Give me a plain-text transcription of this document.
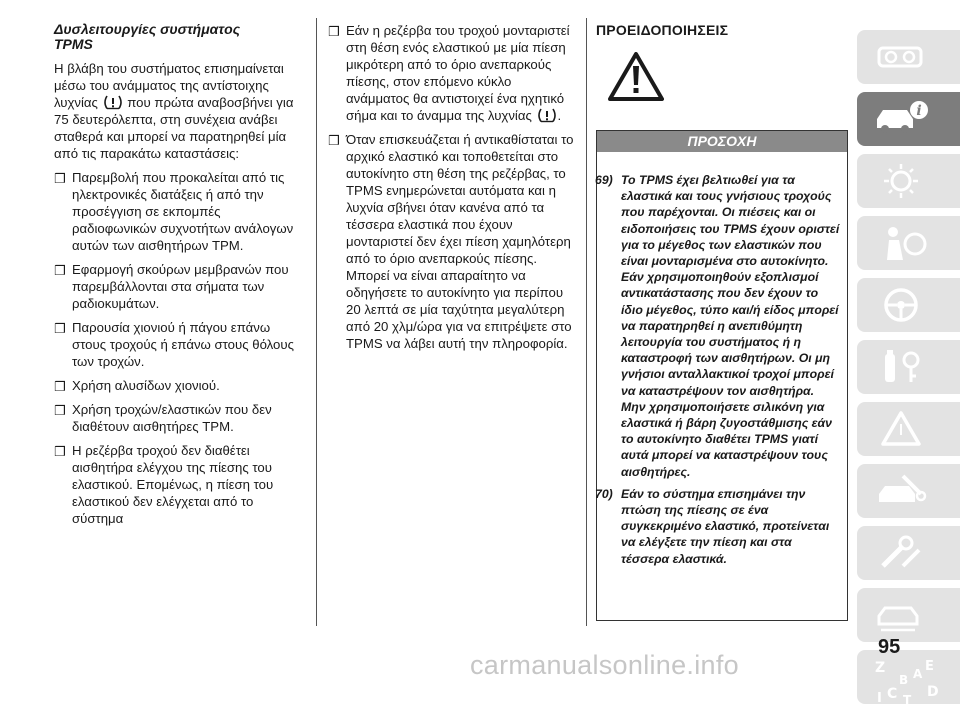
Δυσλειτουργίες συστήματος
TPMS
Η βλάβη του συστήματος επισημαίνεται μέσω του ανάμματος της αντίστοιχης λυχνίας που πρώτα αναβοσβήνει για 75 δευτερόλεπτα, στη συνέχεια ανάβει σταθερά και μπορεί να παρατηρηθεί μία από τις παρακάτω καταστάσεις:
❒ Παρεμβολή που προκαλείται από τις ηλεκτρονικές διατάξεις ή από την προσέγγιση σε εκπομπές ραδιοφωνικών συχνοτήτων ανάλογων αυτών των αισθητήρων TPM.
❒ Εφαρμογή σκούρων μεμβρανών που παρεμβάλλονται στα σήματα των ραδιοκυμάτων.
❒ Παρουσία χιονιού ή πάγου επάνω στους τροχούς ή επάνω στους θόλους των τροχών.
❒ Χρήση αλυσίδων χιονιού.
❒ Χρήση τροχών/ελαστικών που δεν διαθέτουν αισθητήρες TPM.
❒ Η ρεζέρβα τροχού δεν διαθέτει αισθητήρα ελέγχου της πίεσης του ελαστικού. Επομένως, η πίεση του ελαστικού δεν ελέγχεται από το σύστημα
❒ Εάν η ρεζέρβα του τροχού μονταριστεί στη θέση ενός ελαστικού με μία πίεση μικρότερη από το όριο ανεπαρκούς πίεσης, στον επόμενο κύκλο ανάμματος θα αντιστοιχεί ένα ηχητικό σήμα και το άναμμα της λυχνίας .
❒ Όταν επισκευάζεται ή αντικαθίσταται το αρχικό ελαστικό και τοποθετείται στο αυτοκίνητο στη θέση της ρεζέρβας, το TPMS ενημερώνεται αυτόματα και η λυχνία σβήνει όταν κανένα από τα τέσσερα ελαστικά που έχουν μονταριστεί δεν έχει πίεση χαμηλότερη από το όριο ανεπαρκούς πίεσης. Μπορεί να είναι απαραίτητο να οδηγήσετε το αυτοκίνητο για περίπου 20 λεπτά σε μία ταχύτητα μεγαλύτερη από 20 χλμ/ώρα για να επιτρέψετε στο TPMS να λάβει αυτή την πληροφορία.
ΠΡΟΕΙΔΟΠΟΙΗΣΕΙΣ
ΠΡΟΣΟΧΗ
69) Το TPMS έχει βελτιωθεί για τα ελαστικά και τους γνήσιους τροχούς που παρέχονται. Οι πιέσεις και οι ειδοποιήσεις του TPMS έχουν οριστεί για το μέγεθος των ελαστικών που είναι μονταρισμένα στο αυτοκίνητο. Εάν χρησιμοποιηθούν εξοπλισμοί αντικατάστασης που δεν έχουν το ίδιο μέγεθος, τύπο και/ή είδος μπορεί να παρατηρηθεί η ανεπιθύμητη λειτουργία του συστήματος ή η καταστροφή των αισθητήρων. Οι μη γνήσιοι ανταλλακτικοί τροχοί μπορεί να καταστρέψουν τον αισθητήρα. Μην χρησιμοποιήσετε σιλικόνη για ελαστικά ή βάρη ζυγοστάθμισης εάν το αυτοκίνητο διαθέτει TPMS γιατί αυτά μπορεί να καταστρέψουν τους αισθητήρες.
70) Εάν το σύστημα επισημάνει την πτώση της πίεσης σε ένα συγκεκριμένο ελαστικό, προτείνεται να ελέγξετε την πίεση και στα τέσσερα ελαστικά.
i
Z	E
B A
I C T D
95
carmanualsonline.info
